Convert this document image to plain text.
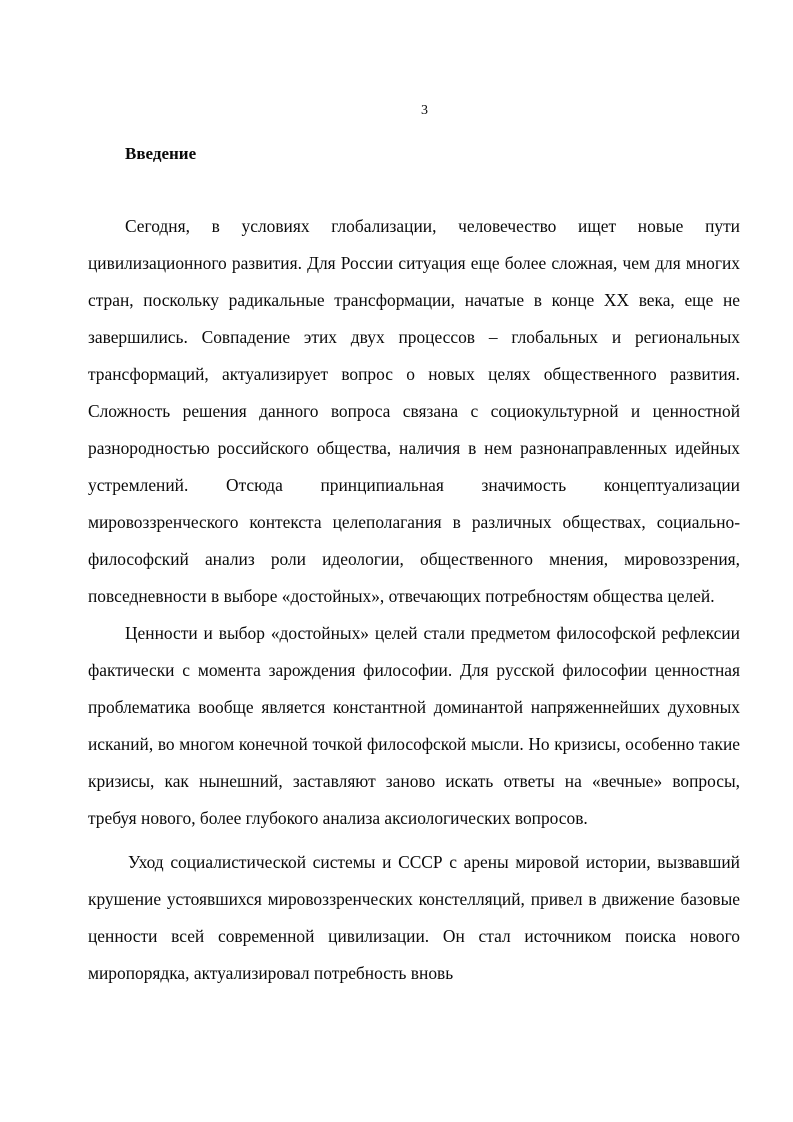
3
Введение

Сегодня, в условиях глобализации, человечество ищет новые пути цивилизационного развития. Для России ситуация еще более сложная, чем для многих стран, поскольку радикальные трансформации, начатые в конце XX века, еще не завершились. Совпадение этих двух процессов – глобальных и региональных трансформаций, актуализирует вопрос о новых целях общественного развития. Сложность решения данного вопроса связана с социокультурной и ценностной разнородностью российского общества, наличия в нем разнонаправленных идейных устремлений. Отсюда принципиальная значимость концептуализации мировоззренческого контекста целеполагания в различных обществах, социально-философский анализ роли идеологии, общественного мнения, мировоззрения, повседневности в выборе «достойных», отвечающих потребностям общества целей.

Ценности и выбор «достойных» целей стали предметом философской рефлексии фактически с момента зарождения философии. Для русской философии ценностная проблематика вообще является константной доминантой напряженнейших духовных исканий, во многом конечной точкой философской мысли. Но кризисы, особенно такие кризисы, как нынешний, заставляют заново искать ответы на «вечные» вопросы, требуя нового, более глубокого анализа аксиологических вопросов.

Уход социалистической системы и СССР с арены мировой истории, вызвавший крушение устоявшихся мировоззренческих констелляций, привел в движение базовые ценности всей современной цивилизации. Он стал источником поиска нового миропорядка, актуализировал потребность вновь
